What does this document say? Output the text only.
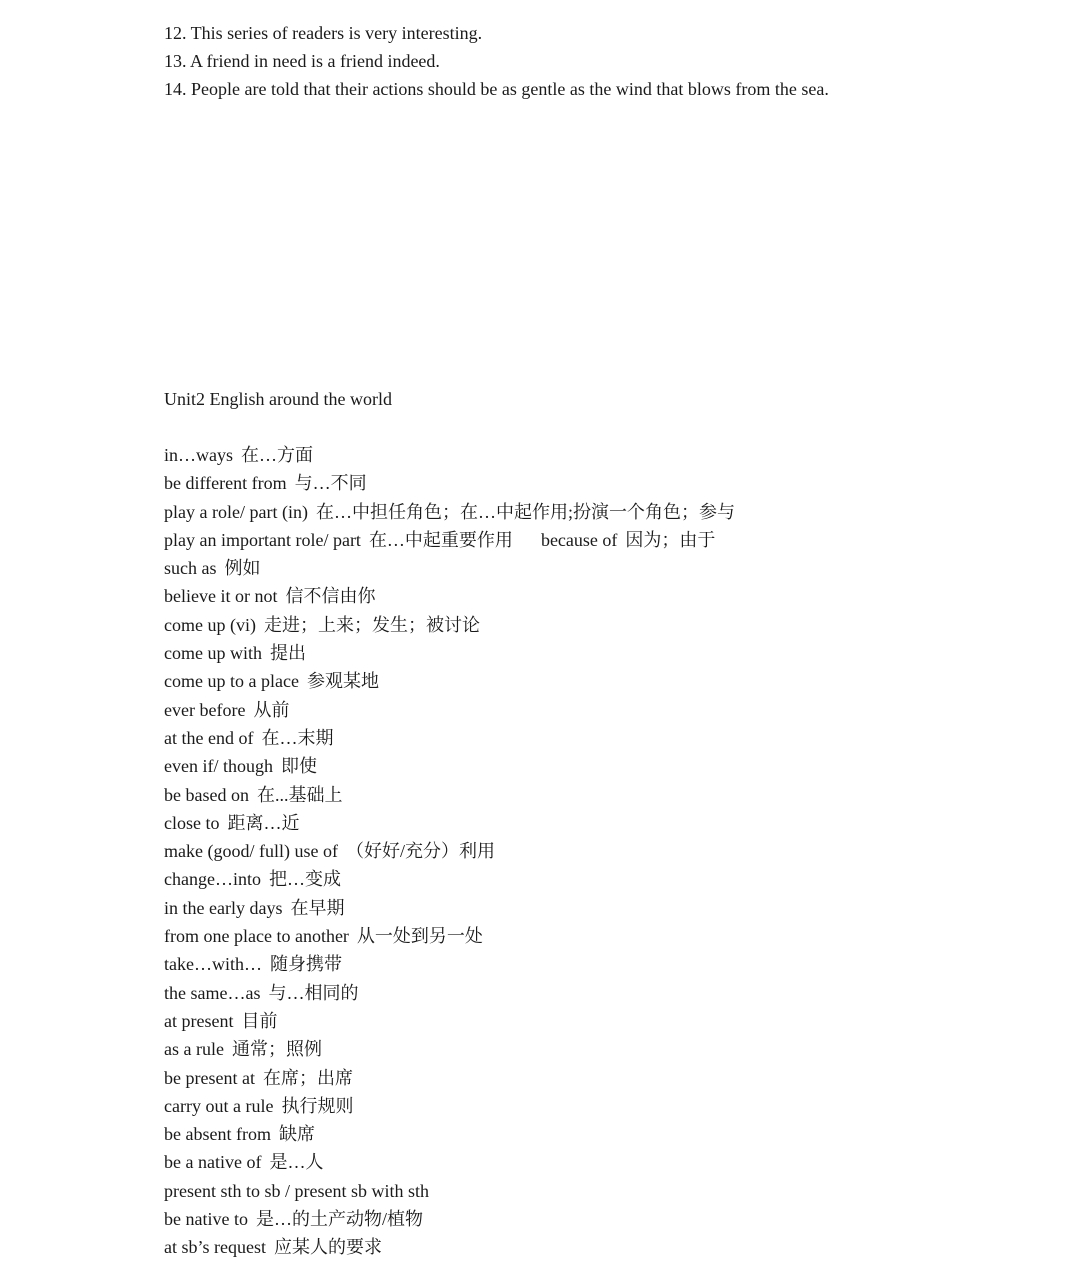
12. This series of readers is very interesting.
13. A friend in need is a friend indeed.
14. People are told that their actions should be as gentle as the wind that blows from the sea.
Unit2 English around the world
in…ways 在…方面
be different from 与…不同
play a role/ part (in) 在…中担任角色；在…中起作用;扮演一个角色；参与
play an important role/ part 在…中起重要作用 because of 因为；由于
such as 例如
believe it or not 信不信由你
come up (vi) 走进；上来；发生；被讨论
come up with 提出
come up to a place 参观某地
ever before 从前
at the end of 在…末期
even if/ though 即使
be based on 在...基础上
close to 距离…近
make (good/ full) use of （好好/充分）利用
change…into 把…变成
in the early days 在早期
from one place to another 从一处到另一处
take…with… 随身携带
the same…as 与…相同的
at present 目前
as a rule 通常；照例
be present at 在席；出席
carry out a rule 执行规则
be absent from 缺席
be a native of 是…人
present sth to sb / present sb with sth
be native to 是…的土产动物/植物
at sb’s request 应某人的要求
